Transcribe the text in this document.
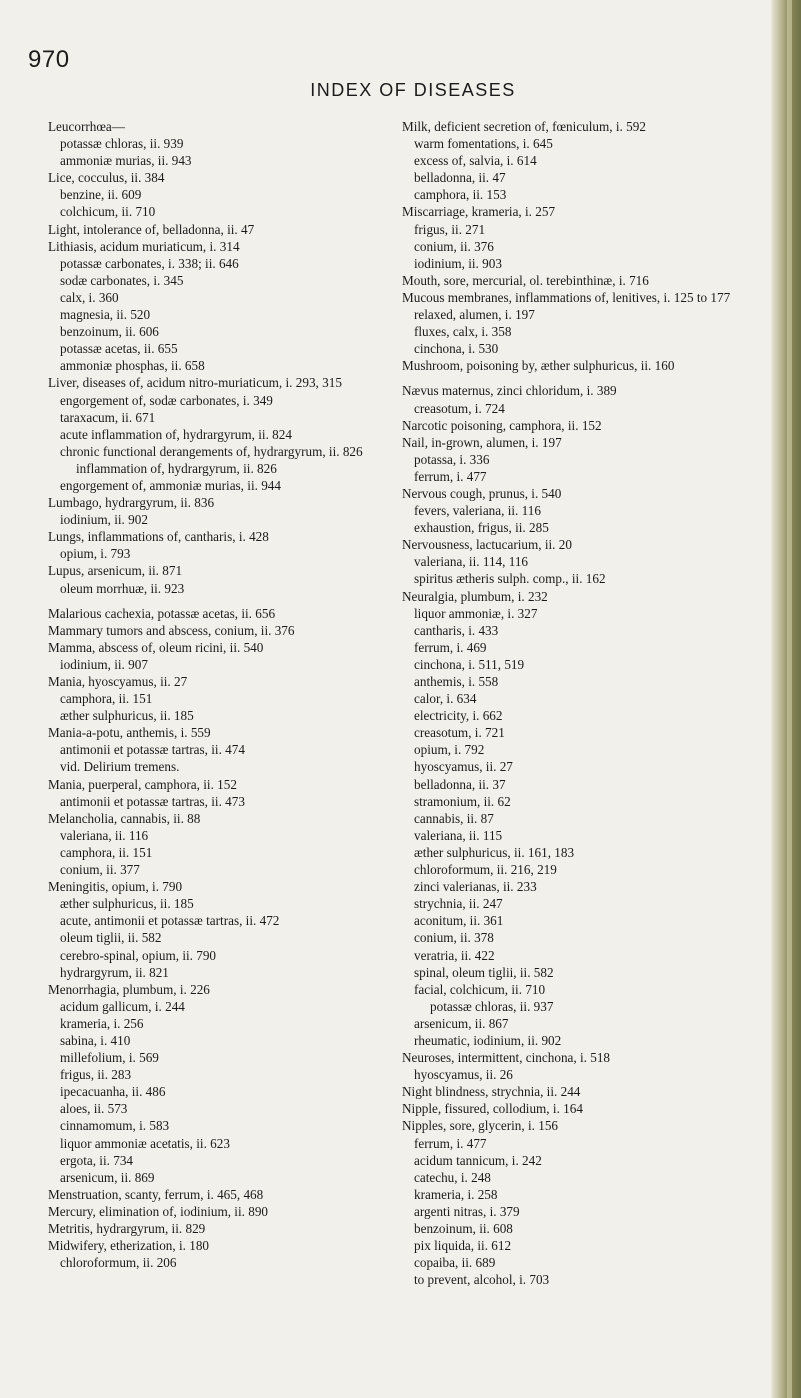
970
INDEX OF DISEASES
Leucorrhœa—
potassæ chloras, ii. 939
ammoniæ murias, ii. 943
Lice, cocculus, ii. 384
benzine, ii. 609
colchicum, ii. 710
Light, intolerance of, belladonna, ii. 47
Lithiasis, acidum muriaticum, i. 314
potassæ carbonates, i. 338; ii. 646
sodæ carbonates, i. 345
calx, i. 360
magnesia, ii. 520
benzoinum, ii. 606
potassæ acetas, ii. 655
ammoniæ phosphas, ii. 658
Liver, diseases of, acidum nitro-muriaticum, i. 293, 315
engorgement of, sodæ carbonates, i. 349
taraxacum, ii. 671
acute inflammation of, hydrargyrum, ii. 824
chronic functional derangements of, hydrargyrum, ii. 826
inflammation of, hydrargyrum, ii. 826
engorgement of, ammoniæ murias, ii. 944
Lumbago, hydrargyrum, ii. 836
iodinium, ii. 902
Lungs, inflammations of, cantharis, i. 428
opium, i. 793
Lupus, arsenicum, ii. 871
oleum morrhuæ, ii. 923
Malarious cachexia, potassæ acetas, ii. 656
Mammary tumors and abscess, conium, ii. 376
Mamma, abscess of, oleum ricini, ii. 540
iodinium, ii. 907
Mania, hyoscyamus, ii. 27
camphora, ii. 151
æther sulphuricus, ii. 185
Mania-a-potu, anthemis, i. 559
antimonii et potassæ tartras, ii. 474
vid. Delirium tremens.
Mania, puerperal, camphora, ii. 152
antimonii et potassæ tartras, ii. 473
Melancholia, cannabis, ii. 88
valeriana, ii. 116
camphora, ii. 151
conium, ii. 377
Meningitis, opium, i. 790
æther sulphuricus, ii. 185
acute, antimonii et potassæ tartras, ii. 472
oleum tiglii, ii. 582
cerebro-spinal, opium, ii. 790
hydrargyrum, ii. 821
Menorrhagia, plumbum, i. 226
acidum gallicum, i. 244
krameria, i. 256
sabina, i. 410
millefolium, i. 569
frigus, ii. 283
ipecacuanha, ii. 486
aloes, ii. 573
cinnamomum, i. 583
liquor ammoniæ acetatis, ii. 623
ergota, ii. 734
arsenicum, ii. 869
Menstruation, scanty, ferrum, i. 465, 468
Mercury, elimination of, iodinium, ii. 890
Metritis, hydrargyrum, ii. 829
Midwifery, etherization, i. 180
chloroformum, ii. 206
Milk, deficient secretion of, fœniculum, i. 592
warm fomentations, i. 645
excess of, salvia, i. 614
belladonna, ii. 47
camphora, ii. 153
Miscarriage, krameria, i. 257
frigus, ii. 271
conium, ii. 376
iodinium, ii. 903
Mouth, sore, mercurial, ol. terebinthinæ, i. 716
Mucous membranes, inflammations of, lenitives, i. 125 to 177
relaxed, alumen, i. 197
fluxes, calx, i. 358
cinchona, i. 530
Mushroom, poisoning by, æther sulphuricus, ii. 160
Nævus maternus, zinci chloridum, i. 389
creasotum, i. 724
Narcotic poisoning, camphora, ii. 152
Nail, in-grown, alumen, i. 197
potassa, i. 336
ferrum, i. 477
Nervous cough, prunus, i. 540
fevers, valeriana, ii. 116
exhaustion, frigus, ii. 285
Nervousness, lactucarium, ii. 20
valeriana, ii. 114, 116
spiritus ætheris sulph. comp., ii. 162
Neuralgia, plumbum, i. 232
liquor ammoniæ, i. 327
cantharis, i. 433
ferrum, i. 469
cinchona, i. 511, 519
anthemis, i. 558
calor, i. 634
electricity, i. 662
creasotum, i. 721
opium, i. 792
hyoscyamus, ii. 27
belladonna, ii. 37
stramonium, ii. 62
cannabis, ii. 87
valeriana, ii. 115
æther sulphuricus, ii. 161, 183
chloroformum, ii. 216, 219
zinci valerianas, ii. 233
strychnia, ii. 247
aconitum, ii. 361
conium, ii. 378
veratria, ii. 422
spinal, oleum tiglii, ii. 582
facial, colchicum, ii. 710
potassæ chloras, ii. 937
arsenicum, ii. 867
rheumatic, iodinium, ii. 902
Neuroses, intermittent, cinchona, i. 518
hyoscyamus, ii. 26
Night blindness, strychnia, ii. 244
Nipple, fissured, collodium, i. 164
Nipples, sore, glycerin, i. 156
ferrum, i. 477
acidum tannicum, i. 242
catechu, i. 248
krameria, i. 258
argenti nitras, i. 379
benzoinum, ii. 608
pix liquida, ii. 612
copaiba, ii. 689
to prevent, alcohol, i. 703
